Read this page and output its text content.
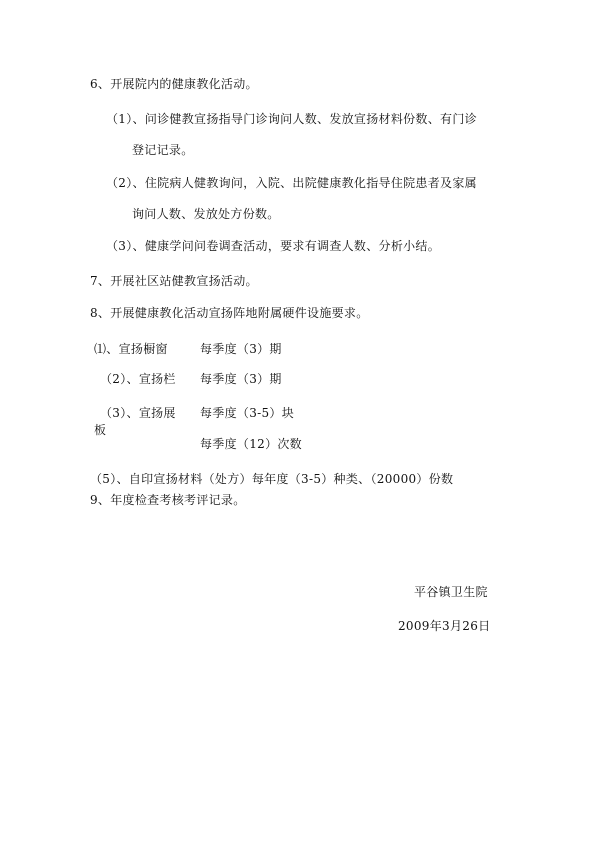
6、开展院内的健康教化活动。
（1）、问诊健教宣扬指导门诊询问人数、发放宣扬材料份数、有门诊
登记记录。
（2）、住院病人健教询问，入院、出院健康教化指导住院患者及家属
询问人数、发放处方份数。
（3）、健康学问问卷调查活动，要求有调查人数、分析小结。
7、开展社区站健教宣扬活动。
8、开展健康教化活动宣扬阵地附属硬件设施要求。
⑴、宣扬橱窗	每季度（3）期
（2）、宣扬栏 每季度（3）期
（3）、宣扬展 每季度（3-5）块
板
每季度（12）次数
（5）、自印宣扬材料（处方）每年度（3-5）种类、（20000）份数
9、年度检查考核考评记录。
平谷镇卫生院
2009年3月26日
